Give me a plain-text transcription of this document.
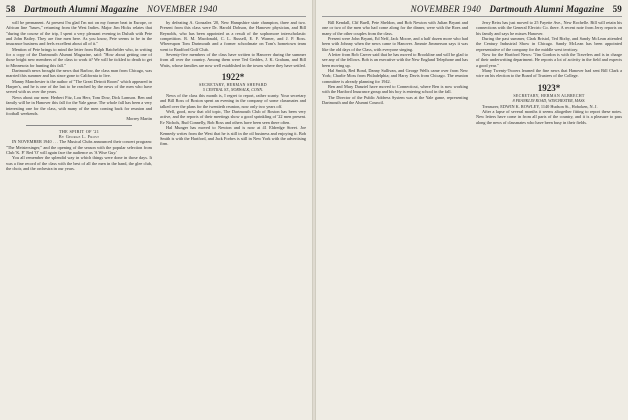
58 Dartmouth Alumni Magazine NOVEMBER 1940

will be permanent. At present I'm glad I'm not on my former beat in Europe, or African line "bases," returning from the West Indies. Major Jim Hicks relates that "during the course of the trip, I spent a very pleasant evening in Duluth with Pete and John Bailey. They are fine men here. As you know, Pete seems to be in the insurance business and feels excellent about all of it."

Mention of Pete brings to mind the letter from Ralph Batchelder who, in writing for a copy of the Dartmouth Alumni Magazine, said: "How about getting one of those bright new members of the class to work it? We will be tickled to death to get to Minnesota for hunting this fall."

Dartmouth news brought the news that Barlow, the class man from Chicago, was married this summer and has since gone to California to live.

Manny Manchester is the author of "The Great Detroit Room" which appeared in Harper's, and he is one of the last to be reached by the news of the men who have served with us over the years.

News about our men: Herbert Fitz, Lou Herr, Tom Dow, Dick Lamson. Ben and family will be in Hanover this fall for the Yale game. The whole fall has been a very interesting one for the class, with many of the men coming back for reunion and football weekends.

Morrey Martin

THE SPIRIT OF '21

By George L. Frost

IN NOVEMBER 1940 . . . The Musical Clubs announced their concert program: "The Meistersinger," and the opening of the season with the popular selection from Club 'K. P.' Red 'O' will again face the audience as 'A Wise Guy.'

You all remember the splendid way in which things were done in those days. It was a fine record of the class with the best of all the men in the band, the glee club, the choir, and the orchestra in our years.

by defeating A. Gonzalez '20, New Hampshire state champion, three and two. Present from this class were Dr. Harold Dobson, the Hanover physician, and Bill Reynolds, who has been appointed as a result of the sophomore interscholastic competition. R. M. Macdonald, C. L. Russell, E. F. Warner, and J. P. Ross. Whereupon Tom Dartmouth and a former schoolmate on Tom's hometown team went to Bradford Golf Club.

Seventy-five members of the class have written to Hanover during the summer from all over the country. Among them were Ted Geddes, J. K. Graham, and Bill Watts, whose families are now well established in the towns where they have settled.

1922*
SECRETARY, HERMAN SHEPARD
5 CENTRAL ST., NORWALK, CONN.

News of the class this month is, I regret to report, rather scanty. Your secretary and Bill Ross of Boston spent an evening in the company of some classmates and talked over the plans for the twentieth reunion, now only two years off.

Well, good, now that old topic, The Dartmouth Club of Boston has been very active, and the reports of their meetings show a good sprinkling of '22 men present. Ev Nichols, Bud Connelly, Bob Ross and others have been seen there often.

Hal Munger has moved to Newton and is now at 41 Eldredge Street. Joe Kennedy writes from the West that he is still in the oil business and enjoying it. Bob Smith is with the Hartford, and Jack Forbes is still in New York with the advertising firm.

NOVEMBER 1940 Dartmouth Alumni Magazine 59

Bill Kendall, Clif Buell, Pete Sheldon, and Bob Newton with Julian Bryant and one or two of the men who had come along for the dinner, were with the Roes and many of the other couples from the class.

Present were John Bryant, Ed Neff, Jack Moore, and a half dozen more who had been with Johnny when the news came to Hanover. Jimmie Jimmerson says it was like the old days of the Class, with everyone singing.

A letter from Bob Carver said that he has moved to Brookline and will be glad to see any of the fellows. Bob is an executive with the New England Telephone and has been moving up.

Hal Smith, Red Bond, Danny Sullivan, and George Wells came over from New York; Charlie Moss from Philadelphia; and Harry Davis from Chicago. The reunion committee is already planning for 1942.

Ben and Mary Danziel have moved to Connecticut, where Ben is now working with the Hartford Insurance group and his boy is entering school in the fall.

The Director of the Public Address System was at the Yale game, representing Dartmouth and the Alumni Council.

Jerry Reiss has just moved to 25 Fayette Ave., New Rochelle. Bill will retain his connections with the General Electric Co. there. A recent note from Jerry reports on his family and says he misses Hanover.

During the past summer, Clark Bristol, Ted Bixby, and Sandy McLean attended the Century Industrial Show in Chicago. Sandy McLean has been appointed representative of the company for the middle west territory.

Now for the Hartford News: "Jim Gordon is with the Travelers and is in charge of their underwriting department. He reports a lot of activity in the field and expects a good year."

Many Twenty-Twoers learned the fine news that Hanover had sent Bill Clark a wire on his election to the Board of Trustees of the College.

1923*
SECRETARY, HERMAN ALBRECHT
8 FRANKLIN ROAD, WINCHESTER, MASS.

Treasurer, EDWIN K. ROWLEY, 1140 Hudson St., Hoboken, N. J.

After a lapse of several months it seems altogether fitting to report these notes. New letters have come in from all parts of the country, and it is a pleasure to pass along the news of classmates who have been busy in their fields.
